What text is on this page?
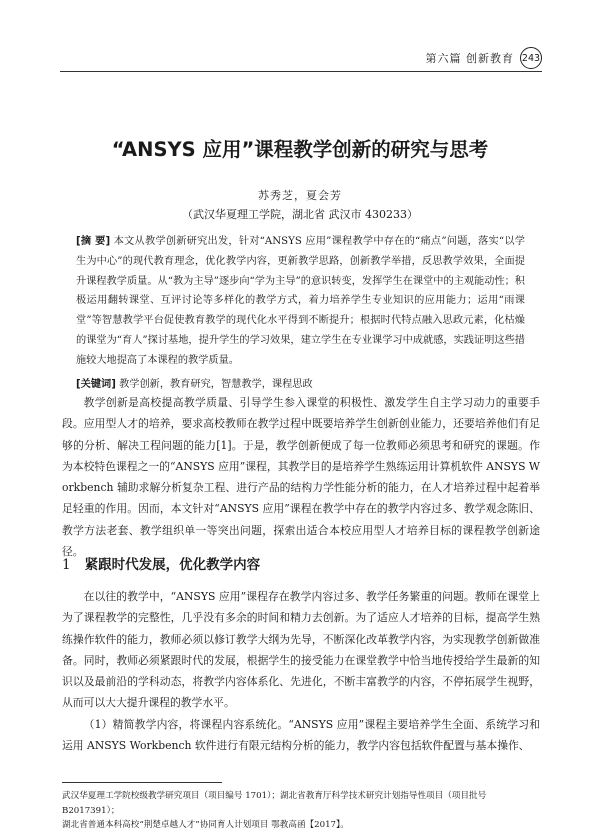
第六篇 创新教育 243
“ANSYS 应用”课程教学创新的研究与思考
苏秀芝，夏会芳
（武汉华夏理工学院，湖北省 武汉市 430233）
[摘 要] 本文从教学创新研究出发，针对“ANSYS 应用”课程教学中存在的“痛点”问题，落实“以学生为中心”的现代教育理念，优化教学内容，更新教学思路，创新教学举措，反思教学效果，全面提升课程教学质量。从“教为主导”逐步向“学为主导”的意识转变，发挥学生在课堂中的主观能动性；积极运用翻转课堂、互评讨论等多样化的教学方式，着力培养学生专业知识的应用能力；运用“雨课堂”等智慧教学平台促使教育教学的现代化水平得到不断提升；根据时代特点融入思政元素，化枯燥的课堂为“育人”探讨基地，提升学生的学习效果，建立学生在专业课学习中成就感，实践证明这些措施较大地提高了本课程的教学质量。
[关键词] 教学创新，教育研究，智慧教学，课程思政
教学创新是高校提高教学质量、引导学生参入课堂的积极性、激发学生自主学习动力的重要手段。应用型人才的培养，要求高校教师在教学过程中既要培养学生创新创业能力，还要培养他们有足够的分析、解决工程问题的能力[1]。于是，教学创新便成了每一位教师必须思考和研究的课题。作为本校特色课程之一的“ANSYS 应用”课程，其教学目的是培养学生熟练运用计算机软件 ANSYS Workbench 辅助求解分析复杂工程、进行产品的结构力学性能分析的能力，在人才培养过程中起着举足轻重的作用。因而，本文针对“ANSYS 应用”课程在教学中存在的教学内容过多、教学观念陈旧、教学方法老套、教学组织单一等突出问题，探索出适合本校应用型人才培养目标的课程教学创新途径。
1 紧跟时代发展，优化教学内容

在以往的教学中，“ANSYS 应用”课程存在教学内容过多、教学任务繁重的问题。教师在课堂上为了课程教学的完整性，几乎没有多余的时间和精力去创新。为了适应人才培养的目标，提高学生熟练操作软件的能力，教师必须以修订教学大纲为先导，不断深化改革教学内容，为实现教学创新做准备。同时，教师必须紧跟时代的发展，根据学生的接受能力在课堂教学中恰当地传授给学生最新的知识以及最前沿的学科动态，将教学内容体系化、先进化，不断丰富教学的内容，不停拓展学生视野，从而可以大大提升课程的教学水平。

（1）精简教学内容，将课程内容系统化。“ANSYS 应用”课程主要培养学生全面、系统学习和运用 ANSYS Workbench 软件进行有限元结构分析的能力，教学内容包括软件配置与基本操作、

武汉华夏理工学院校级教学研究项目（项目编号 1701）；湖北省教育厅科学技术研究计划指导性项目（项目批号 B2017391）；
湖北省普通本科高校“荆楚卓越人才”协同育人计划项目 鄂教高函【2017】。
